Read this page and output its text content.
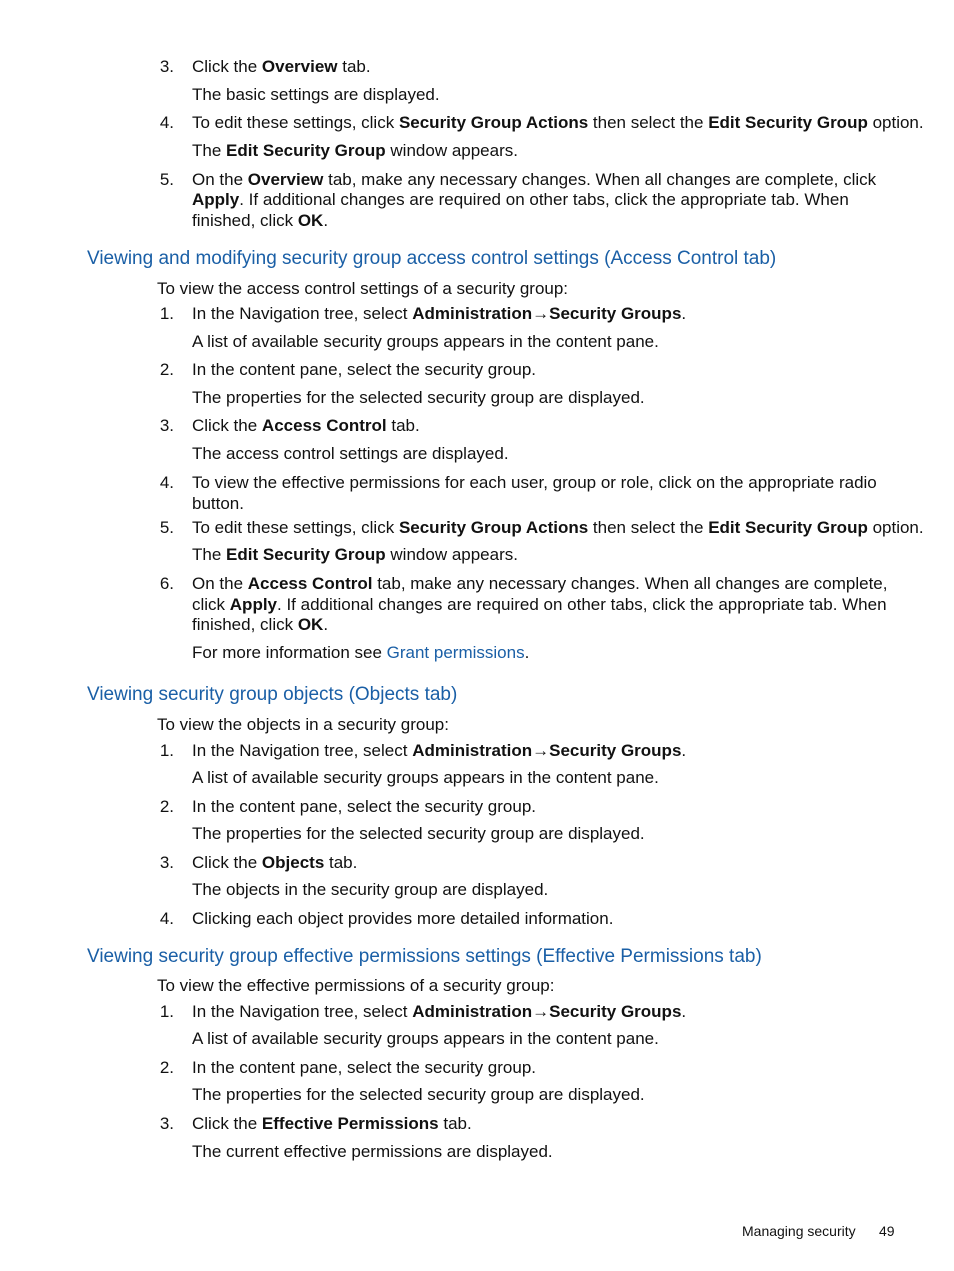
3. Click the Overview tab.
The basic settings are displayed.
4. To edit these settings, click Security Group Actions then select the Edit Security Group option.
The Edit Security Group window appears.
5. On the Overview tab, make any necessary changes. When all changes are complete, click
Apply. If additional changes are required on other tabs, click the appropriate tab. When
finished, click OK.
Viewing and modifying security group access control settings (Access Control tab)
To view the access control settings of a security group:
1. In the Navigation tree, select Administration→Security Groups.
A list of available security groups appears in the content pane.
2. In the content pane, select the security group.
The properties for the selected security group are displayed.
3. Click the Access Control tab.
The access control settings are displayed.
4. To view the effective permissions for each user, group or role, click on the appropriate radio
button.
5. To edit these settings, click Security Group Actions then select the Edit Security Group option.
The Edit Security Group window appears.
6. On the Access Control tab, make any necessary changes. When all changes are complete,
click Apply. If additional changes are required on other tabs, click the appropriate tab. When
finished, click OK.
For more information see Grant permissions.
Viewing security group objects (Objects tab)
To view the objects in a security group:
1. In the Navigation tree, select Administration→Security Groups.
A list of available security groups appears in the content pane.
2. In the content pane, select the security group.
The properties for the selected security group are displayed.
3. Click the Objects tab.
The objects in the security group are displayed.
4. Clicking each object provides more detailed information.
Viewing security group effective permissions settings (Effective Permissions tab)
To view the effective permissions of a security group:
1. In the Navigation tree, select Administration→Security Groups.
A list of available security groups appears in the content pane.
2. In the content pane, select the security group.
The properties for the selected security group are displayed.
3. Click the Effective Permissions tab.
The current effective permissions are displayed.
Managing security 49
